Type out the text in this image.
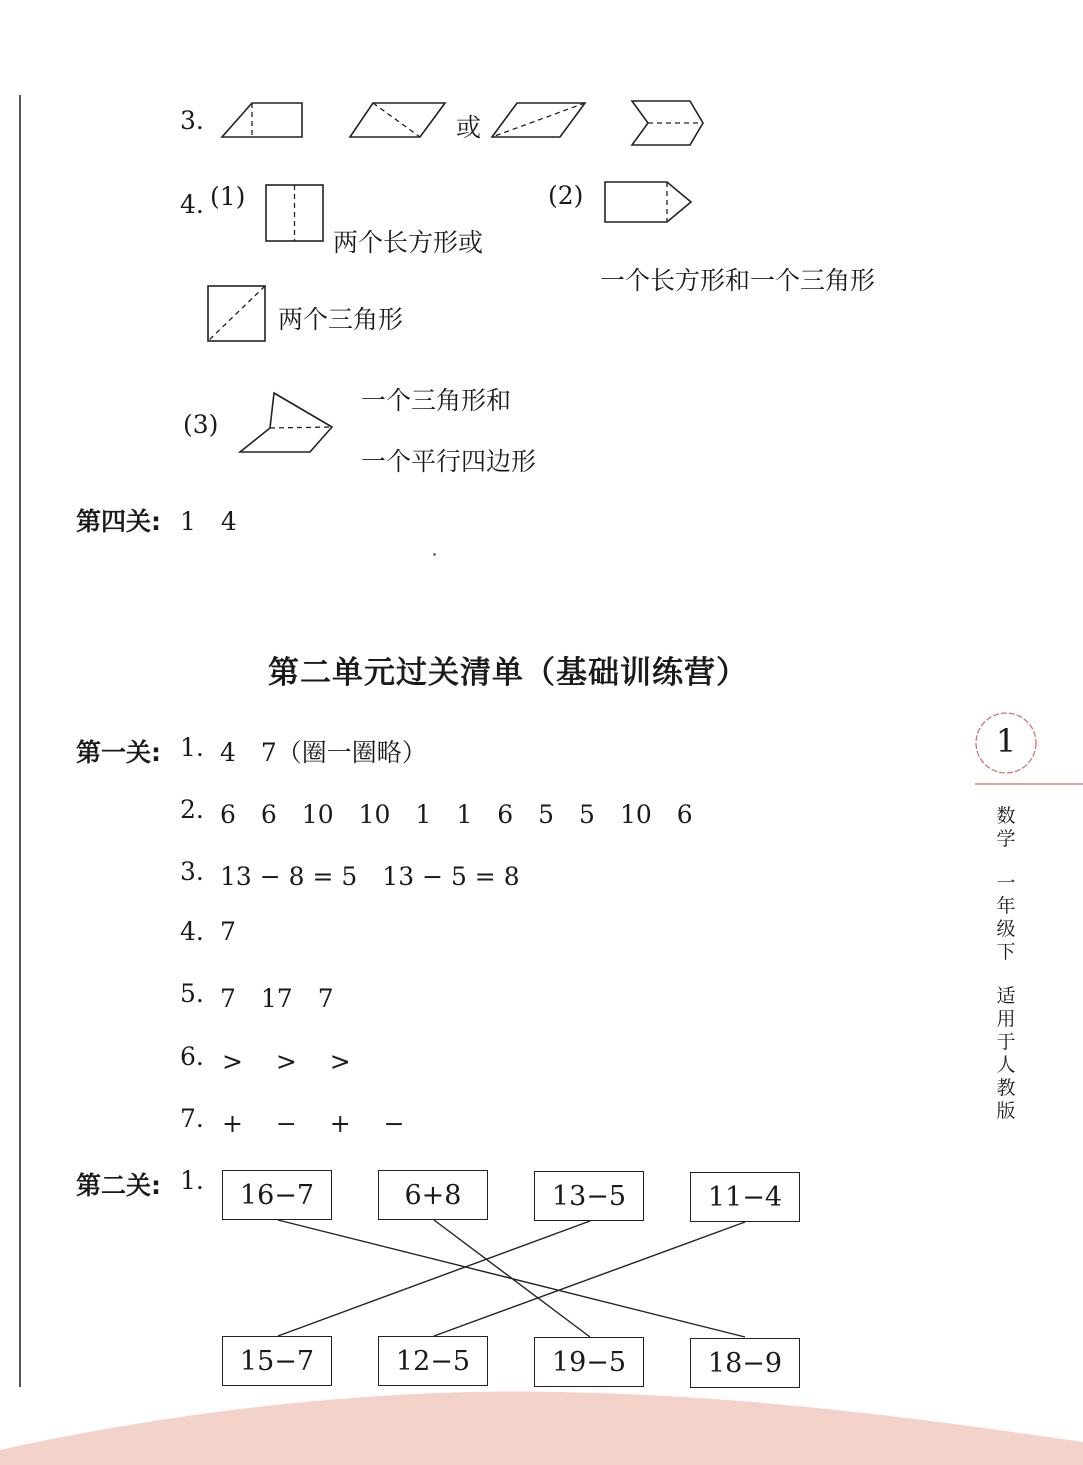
3.	或
4. (1)
两个长方形或
(2)
一个长方形和一个三角形
两个三角形
(3)
一个三角形和
一个平行四边形
第四关: 1　4
第二单元过关清单（基础训练营）
第一关: 1. 4　7（圈一圈略）
2. 6　6　10　10　1　1　6　5　5　10　6
3. 13 − 8 = 5　13 − 5 = 8
4. 7
5. 7　17　7
6. >　 >　 >
7. +　 −　 +　 −
第二关: 1.	16−7	6+8	13−5	11−4
15−7	12−5	19−5	18−9
1
数
学
一
年
级
下
适
用
于
人
教
版
